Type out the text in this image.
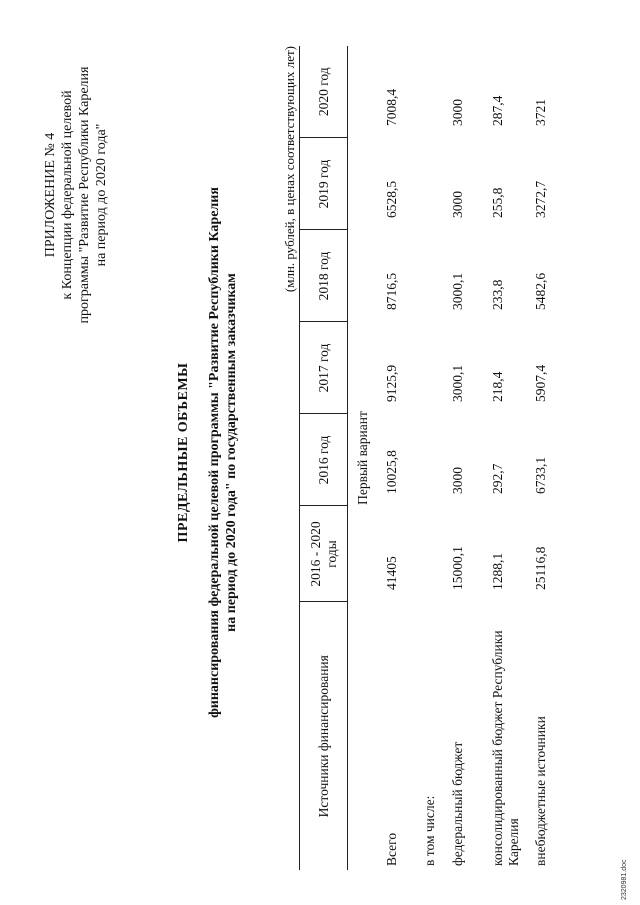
ПРИЛОЖЕНИЕ № 4 к Концепции федеральной целевой программы "Развитие Республики Карелия на период до 2020 года"
ПРЕДЕЛЬНЫЕ ОБЪЕМЫ финансирования федеральной целевой программы "Развитие Республики Карелия на период до 2020 года" по государственным заказчикам
(млн. рублей, в ценах соответствующих лет)
Источники финансирования	2016 - 2020 годы	2016 год	2017 год	2018 год	2019 год	2020 год
Первый вариант						
Всего	41405	10025,8	9125,9	8716,5	6528,5	7008,4
в том числе:						
федеральный бюджет	15000,1	3000	3000,1	3000,1	3000	3000
консолидированный бюджет Республики Карелия	1288,1	292,7	218,4	233,8	255,8	287,4
внебюджетные источники	25116,8	6733,1	5907,4	5482,6	3272,7	3721
2320981.doc
